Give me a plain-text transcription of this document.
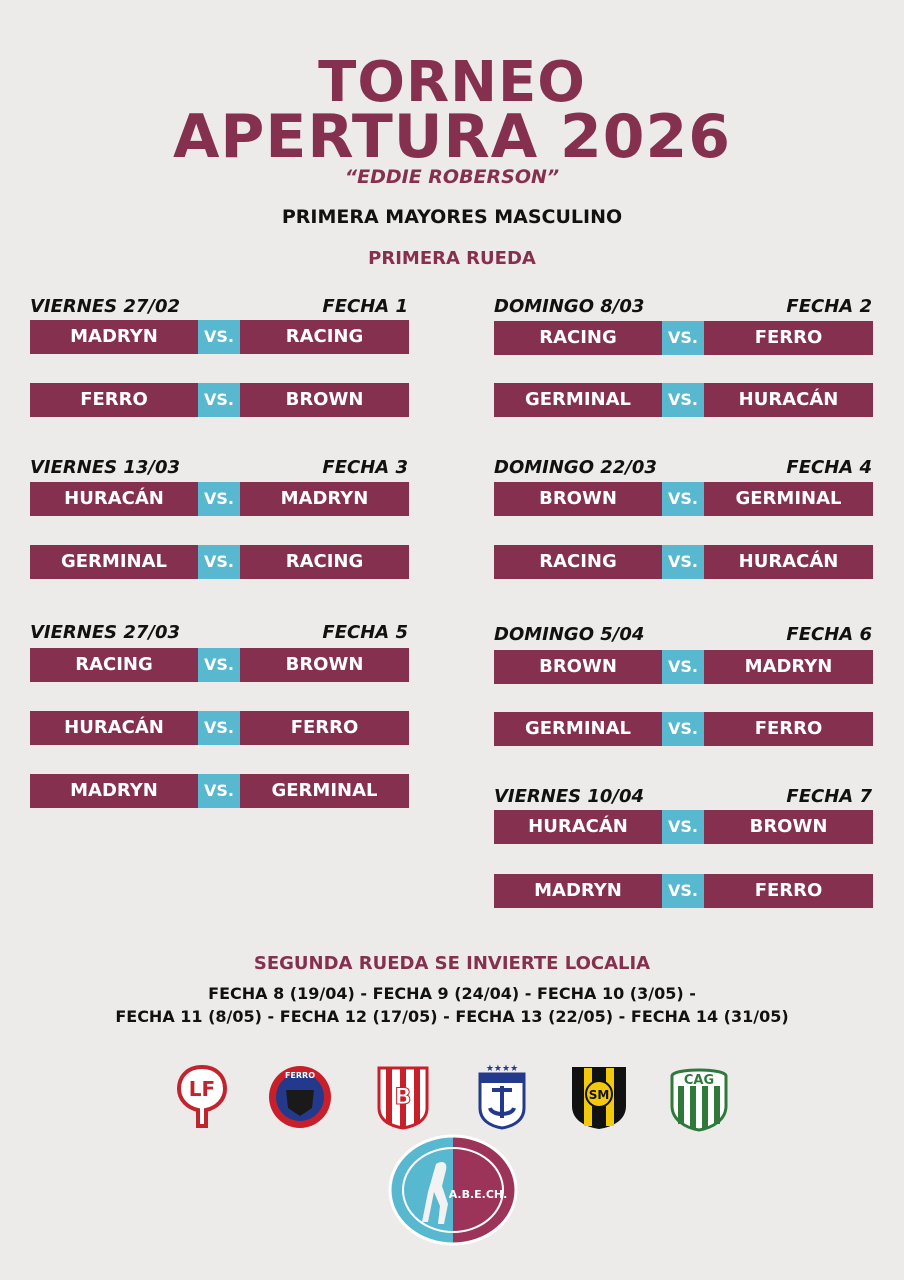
TORNEO
APERTURA 2026
“EDDIE ROBERSON”
PRIMERA MAYORES MASCULINO
PRIMERA RUEDA
VIERNES 27/02	FECHA 1
MADRYN	VS.	RACING
FERRO	VS.	BROWN
DOMINGO 8/03	FECHA 2
RACING	VS.	FERRO
GERMINAL	VS.	HURACÁN
VIERNES 13/03	FECHA 3
HURACÁN	VS.	MADRYN
GERMINAL	VS.	RACING
DOMINGO 22/03	FECHA 4
BROWN	VS.	GERMINAL
RACING	VS.	HURACÁN
VIERNES 27/03	FECHA 5
RACING	VS.	BROWN
HURACÁN	VS.	FERRO
MADRYN	VS.	GERMINAL
DOMINGO 5/04	FECHA 6
BROWN	VS.	MADRYN
GERMINAL	VS.	FERRO
VIERNES 10/04	FECHA 7
HURACÁN	VS.	BROWN
MADRYN	VS.	FERRO
SEGUNDA RUEDA SE INVIERTE LOCALIA
FECHA 8 (19/04) - FECHA 9 (24/04) - FECHA 10 (3/05) -
FECHA 11 (8/05) - FECHA 12 (17/05) - FECHA 13 (22/05) - FECHA 14 (31/05)
LF
FERRO
B
★★★★
SM
CAG
A.B.E.CH.
